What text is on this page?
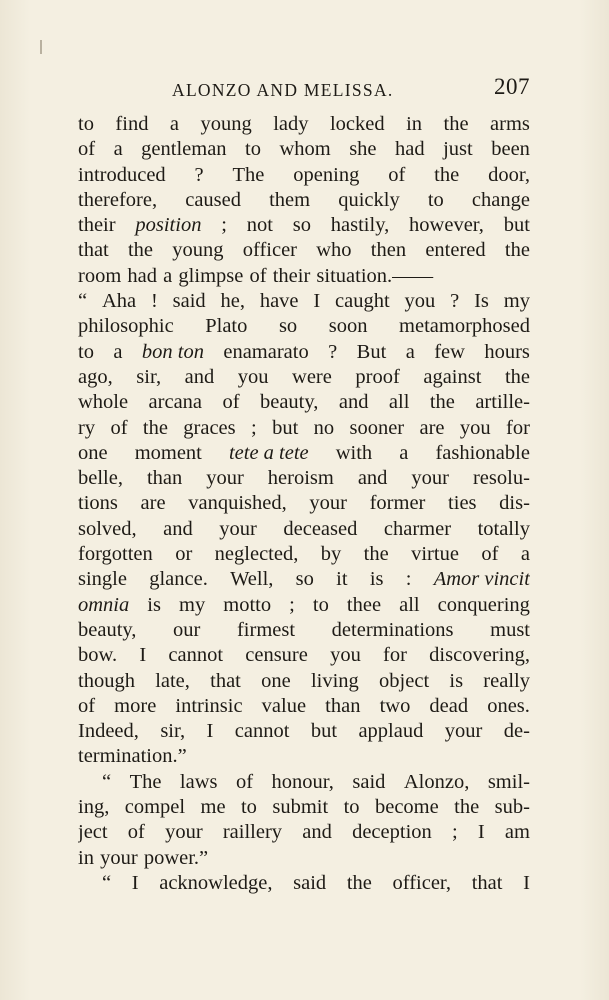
ALONZO AND MELISSA.	207
to find a young lady locked in the arms
of a gentleman to whom she had just been
introduced ? The opening of the door,
therefore, caused them quickly to change
their position ; not so hastily, however, but
that the young officer who then entered the
room had a glimpse of their situation.——
“ Aha ! said he, have I caught you ? Is my
philosophic Plato so soon metamorphosed
to a bon ton enamarato ? But a few hours
ago, sir, and you were proof against the
whole arcana of beauty, and all the artille-
ry of the graces ; but no sooner are you for
one moment tete a tete with a fashionable
belle, than your heroism and your resolu-
tions are vanquished, your former ties dis-
solved, and your deceased charmer totally
forgotten or neglected, by the virtue of a
single glance. Well, so it is : Amor vincit
omnia is my motto ; to thee all conquering
beauty, our firmest determinations must
bow. I cannot censure you for discovering,
though late, that one living object is really
of more intrinsic value than two dead ones.
Indeed, sir, I cannot but applaud your de-
termination.”
“ The laws of honour, said Alonzo, smil-
ing, compel me to submit to become the sub-
ject of your raillery and deception ; I am
in your power.”
“ I acknowledge, said the officer, that I
